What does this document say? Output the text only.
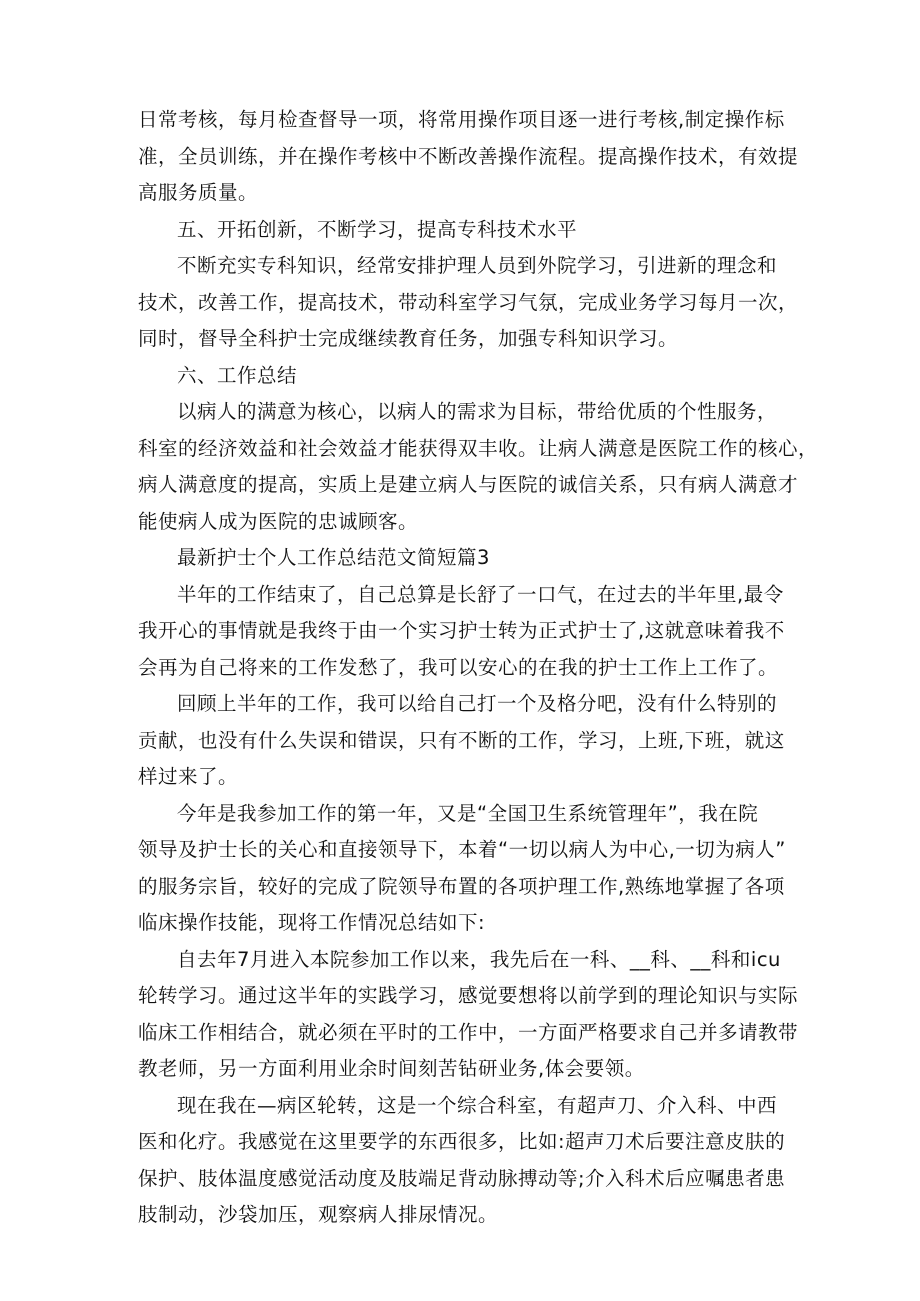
日常考核，每月检查督导一项，将常用操作项目逐一进行考核,制定操作标
准，全员训练，并在操作考核中不断改善操作流程。提高操作技术，有效提
高服务质量。
五、开拓创新，不断学习，提高专科技术水平
不断充实专科知识，经常安排护理人员到外院学习，引进新的理念和
技术，改善工作，提高技术，带动科室学习气氛，完成业务学习每月一次，
同时，督导全科护士完成继续教育任务，加强专科知识学习。
六、工作总结
以病人的满意为核心，以病人的需求为目标，带给优质的个性服务，
科室的经济效益和社会效益才能获得双丰收。让病人满意是医院工作的核心，
病人满意度的提高，实质上是建立病人与医院的诚信关系，只有病人满意才
能使病人成为医院的忠诚顾客。
最新护士个人工作总结范文简短篇3
半年的工作结束了，自己总算是长舒了一口气，在过去的半年里,最令
我开心的事情就是我终于由一个实习护士转为正式护士了,这就意味着我不
会再为自己将来的工作发愁了，我可以安心的在我的护士工作上工作了。
回顾上半年的工作，我可以给自己打一个及格分吧，没有什么特别的
贡献，也没有什么失误和错误，只有不断的工作，学习，上班,下班，就这
样过来了。
今年是我参加工作的第一年，又是“全国卫生系统管理年”，我在院
领导及护士长的关心和直接领导下，本着“一切以病人为中心,一切为病人”
的服务宗旨，较好的完成了院领导布置的各项护理工作,熟练地掌握了各项
临床操作技能，现将工作情况总结如下:
自去年7月进入本院参加工作以来，我先后在一科、__科、__科和icu
轮转学习。通过这半年的实践学习，感觉要想将以前学到的理论知识与实际
临床工作相结合，就必须在平时的工作中，一方面严格要求自己并多请教带
教老师，另一方面利用业余时间刻苦钻研业务,体会要领。
现在我在—病区轮转，这是一个综合科室，有超声刀、介入科、中西
医和化疗。我感觉在这里要学的东西很多，比如:超声刀术后要注意皮肤的
保护、肢体温度感觉活动度及肢端足背动脉搏动等;介入科术后应嘱患者患
肢制动，沙袋加压，观察病人排尿情况。
